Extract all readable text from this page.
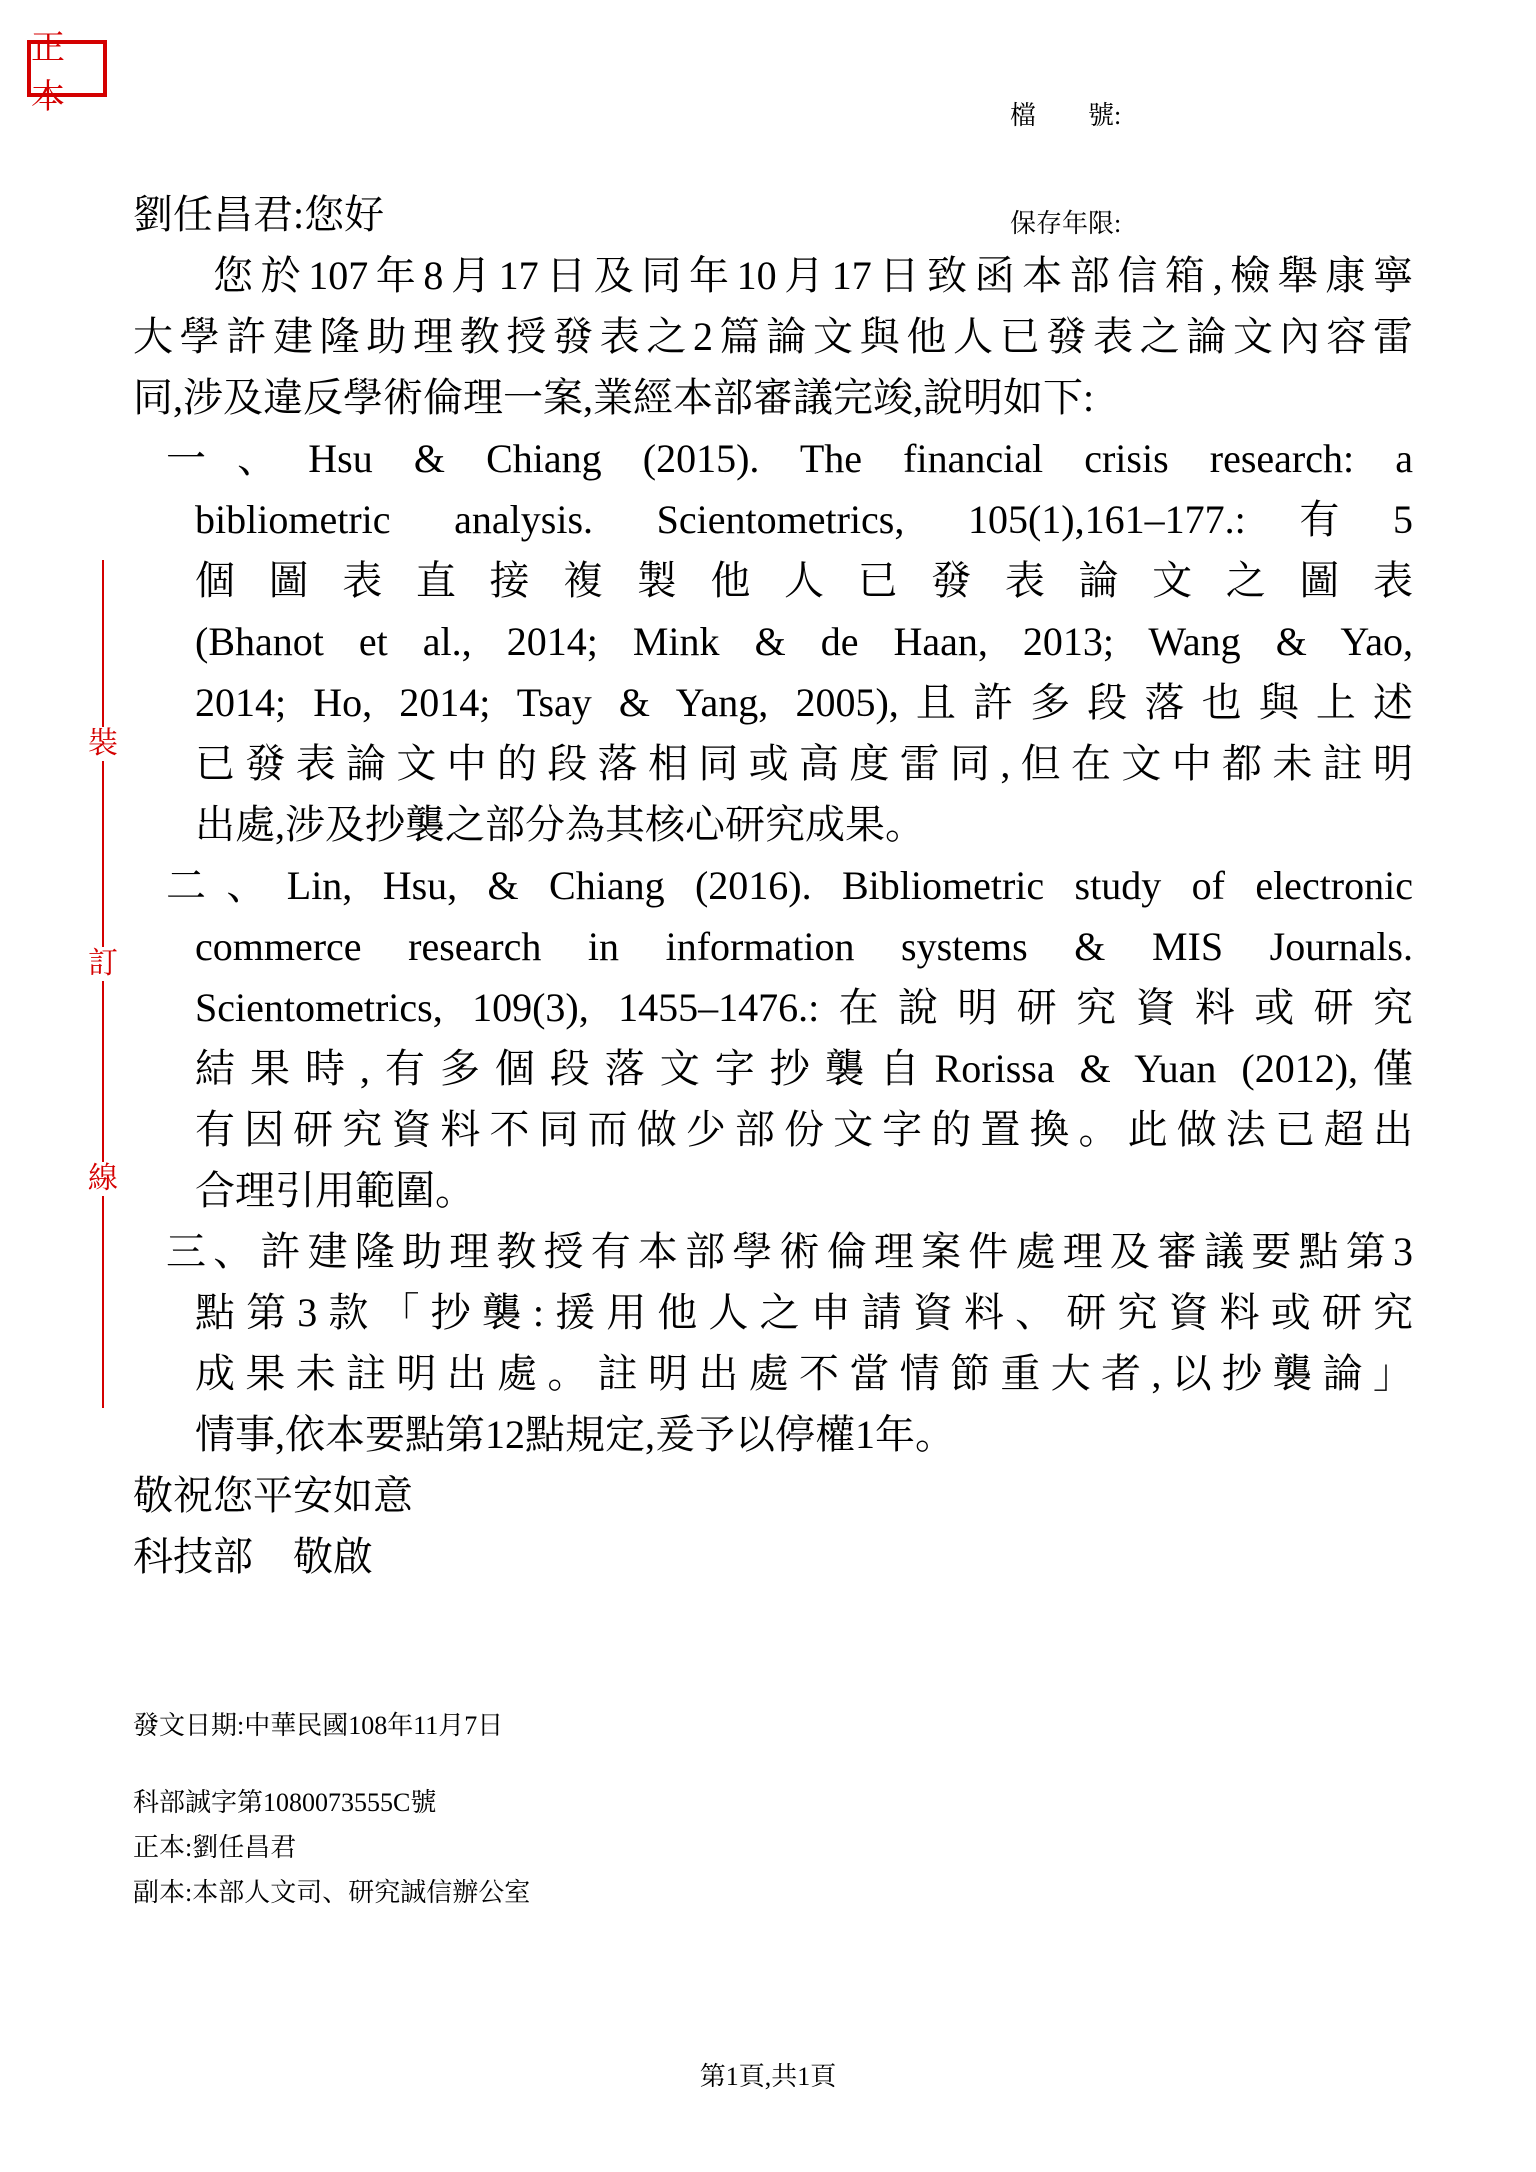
正本

	檔　　號:

保存年限:

裝
訂
線
劉任昌君:您好
您於107年8月17日及同年10月17日致函本部信箱,檢舉康寧
大學許建隆助理教授發表之2篇論文與他人已發表之論文內容雷
同,涉及違反學術倫理一案,業經本部審議完竣,說明如下:
一、Hsu & Chiang (2015). The financial crisis research: a
bibliometric analysis. Scientometrics, 105(1),161–177.:有5
個圖表直接複製他人已發表論文之圖表
(Bhanot et al., 2014; Mink & de Haan, 2013; Wang & Yao,
2014; Ho, 2014; Tsay & Yang, 2005),且許多段落也與上述
已發表論文中的段落相同或高度雷同,但在文中都未註明
出處,涉及抄襲之部分為其核心研究成果。
二、Lin, Hsu, & Chiang (2016). Bibliometric study of electronic
commerce research in information systems & MIS Journals.
Scientometrics, 109(3), 1455–1476.:在說明研究資料或研究
結果時,有多個段落文字抄襲自Rorissa & Yuan (2012),僅
有因研究資料不同而做少部份文字的置換。此做法已超出
合理引用範圍。
三、許建隆助理教授有本部學術倫理案件處理及審議要點第3
點第3款「抄襲:援用他人之申請資料、研究資料或研究
成果未註明出處。註明出處不當情節重大者,以抄襲論」
情事,依本要點第12點規定,爰予以停權1年。
敬祝您平安如意
科技部　敬啟
發文日期:中華民國108年11月7日
科部誠字第1080073555C號
正本:劉任昌君
副本:本部人文司、研究誠信辦公室
第1頁,共1頁
